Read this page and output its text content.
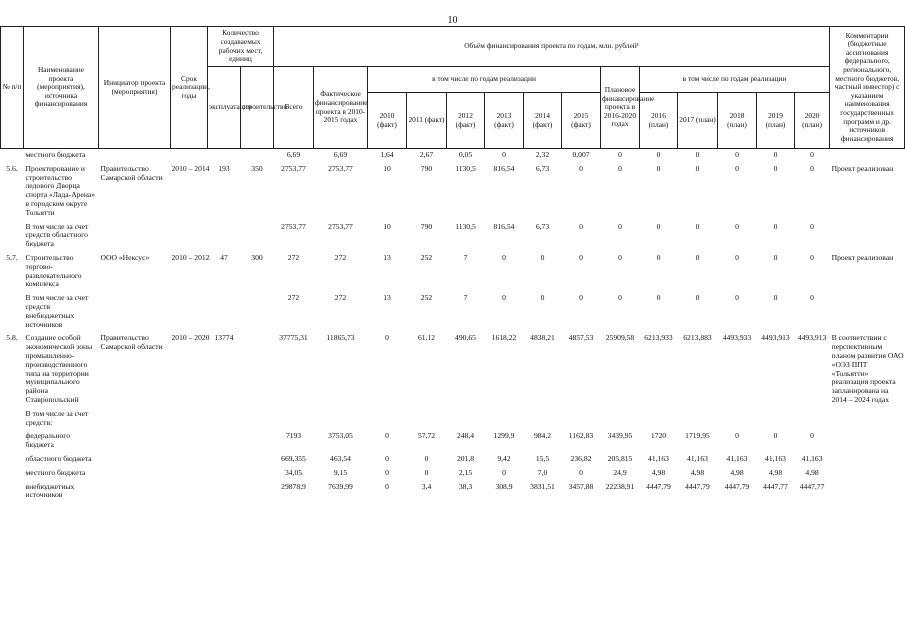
10
№ п/п	Наименование проекта (мероприятия), источника финансирования	Инициатор проекта (мероприятия)	Срок реализации, годы	Количество создаваемых рабочих мест, единиц		Объём финансирования проекта по годам, млн. рублей¹														Комментарии (бюджетные ассигнования федерального, регионального, местного бюджетов, частный инвестор) с указанием наименования государственных программ и др. источников финансирования

				эксплуатация	строительство	Всего	Фактическое финансирование проекта в 2010-2015 годах	в том числе по годам реализации						Плановое финансирование проекта в 2016-2020 годах	в том числе по годам реализации					
								2010 (факт)	2011 (факт)	2012 (факт)	2013 (факт)	2014 (факт)	2015 (факт)		2016 (план)	2017 (план)	2018 (план)	2019 (план)	2020 (план)	
	местного бюджета					6,69	6,69	1,64	2,67	0,05	0	2,32	0,007	0	0	0	0	0	0	
5.6.	Проектирование и строительство ледового Дворца спорта «Лада-Арена» в городском округе Тольятти	Правительство Самарской области	2010 – 2014	193	350	2753,77	2753,77	10	790	1130,5	816,54	6,73	0	0	0	0	0	0	0	Проект реализован
	В том числе за счет средств областного бюджета					2753,77	2753,77	10	790	1130,5	816,54	6,73	0	0	0	0	0	0	0	
5.7.	Строительство торгово-развлекательного комплекса	ООО «Нексус»	2010 – 2012	47	300	272	272	13	252	7	0	0	0	0	0	0	0	0	0	Проект реализован
	В том числе за счет средств внебюджетных источников					272	272	13	252	7	0	0	0	0	0	0	0	0	0	
5.8.	Создание особой экономической зоны промышленно-производственного типа на территории муниципального района Ставропольский	Правительство Самарской области	2010 – 2020	13774		37775,31	11865,73	0	61,12	490,65	1618,22	4838,21	4857,53	25909,58	6213,933	6213,883	4493,933	4493,913	4493,913	В соответствии с перспективным планом развития ОАО «ОЭЗ ППТ «Тольятти» реализация проекта запланирована на 2014 – 2024 годах
	В том числе за счет средств:																			
	федерального бюджета					7193	3753,05	0	57,72	248,4	1299,9	984,2	1162,83	3439,95	1720	1719,95	0	0	0	
	областного бюджета					669,355	463,54	0	0	201,8	9,42	15,5	236,82	205,815	41,163	41,163	41,163	41,163	41,163	
	местного бюджета					34,05	9,15	0	0	2,15	0	7,0	0	24,9	4,98	4,98	4,98	4,98	4,98	
	внебюджетных источников					29878,9	7639,99	0	3,4	38,3	308,9	3831,51	3457,88	22238,91	4447,79	4447,79	4447,79	4447,77	4447,77	
